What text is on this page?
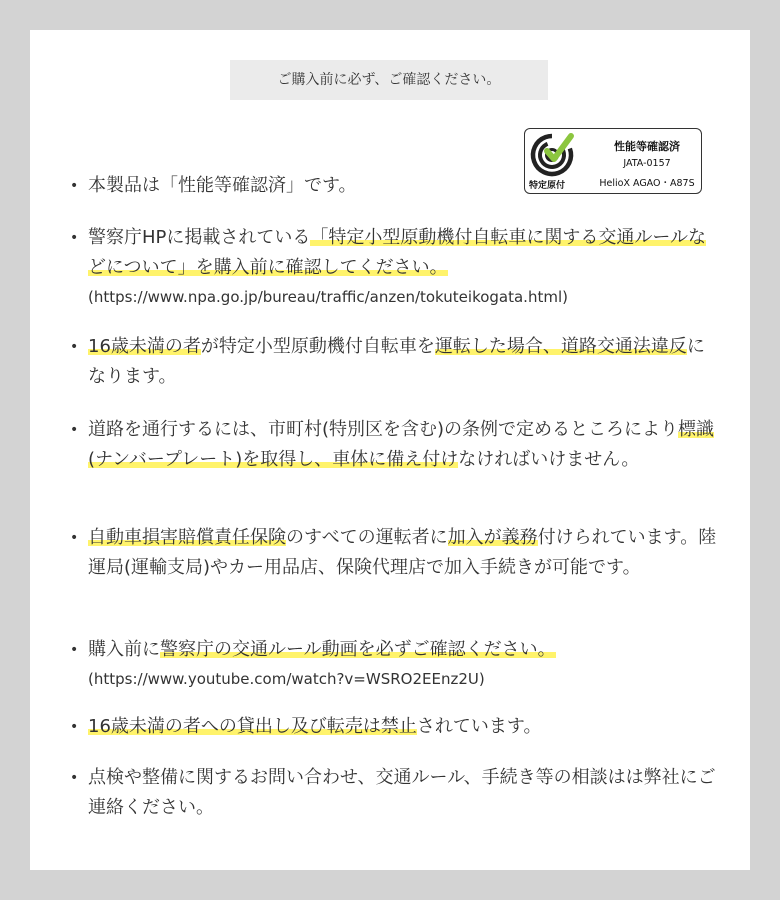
ご購入前に必ず、ご確認ください。
特定原付
性能等確認済
JATA-0157
HelioX AGAO・A87S
• 本製品は「性能等確認済」です。
• 警察庁HPに掲載されている「特定小型原動機付自転車に関する交通ルールなどについて」を購入前に確認してください。
(https://www.npa.go.jp/bureau/traffic/anzen/tokuteikogata.html)
• 16歳未満の者が特定小型原動機付自転車を運転した場合、道路交通法違反になります。
• 道路を通行するには、市町村(特別区を含む)の条例で定めるところにより標識(ナンバープレート)を取得し、車体に備え付けなければいけません。
• 自動車損害賠償責任保険のすべての運転者に加入が義務付けられています。陸運局(運輸支局)やカー用品店、保険代理店で加入手続きが可能です。
• 購入前に警察庁の交通ルール動画を必ずご確認ください。
(https://www.youtube.com/watch?v=WSRO2EEnz2U)
• 16歳未満の者への貸出し及び転売は禁止されています。
• 点検や整備に関するお問い合わせ、交通ルール、手続き等の相談はは弊社にご連絡ください。
